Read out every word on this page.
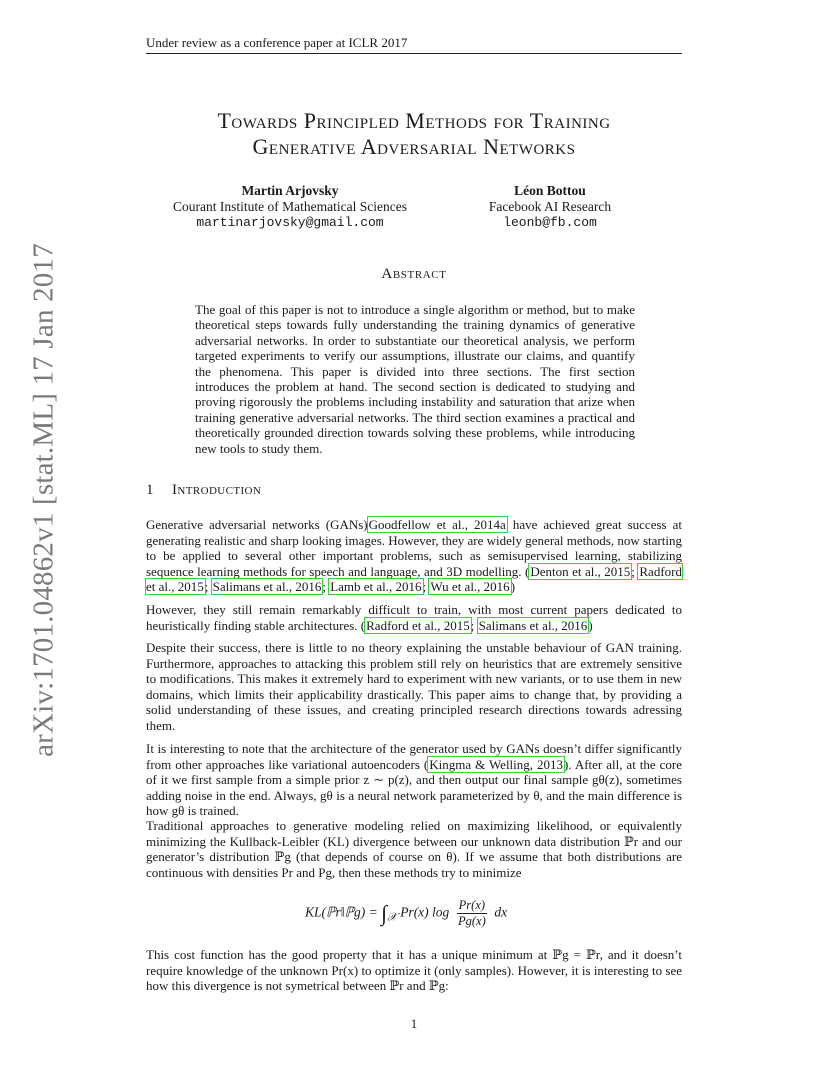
Under review as a conference paper at ICLR 2017
arXiv:1701.04862v1 [stat.ML] 17 Jan 2017
Towards Principled Methods for Training
Generative Adversarial Networks
Martin Arjovsky
Courant Institute of Mathematical Sciences
martinarjovsky@gmail.com
Léon Bottou
Facebook AI Research
leonb@fb.com
Abstract
The goal of this paper is not to introduce a single algorithm or method, but to make theoretical steps towards fully understanding the training dynamics of generative adversarial networks. In order to substantiate our theoretical analysis, we perform targeted experiments to verify our assumptions, illustrate our claims, and quantify the phenomena. This paper is divided into three sections. The first section introduces the problem at hand. The second section is dedicated to studying and proving rigorously the problems including instability and saturation that arize when training generative adversarial networks. The third section examines a practical and theoretically grounded direction towards solving these problems, while introducing new tools to study them.
1 Introduction
Generative adversarial networks (GANs)Goodfellow et al., 2014a have achieved great success at generating realistic and sharp looking images. However, they are widely general methods, now starting to be applied to several other important problems, such as semisupervised learning, stabilizing sequence learning methods for speech and language, and 3D modelling. (Denton et al., 2015; Radford et al., 2015; Salimans et al., 2016; Lamb et al., 2016; Wu et al., 2016)
However, they still remain remarkably difficult to train, with most current papers dedicated to heuristically finding stable architectures. (Radford et al., 2015; Salimans et al., 2016)
Despite their success, there is little to no theory explaining the unstable behaviour of GAN training. Furthermore, approaches to attacking this problem still rely on heuristics that are extremely sensitive to modifications. This makes it extremely hard to experiment with new variants, or to use them in new domains, which limits their applicability drastically. This paper aims to change that, by providing a solid understanding of these issues, and creating principled research directions towards adressing them.
It is interesting to note that the architecture of the generator used by GANs doesn’t differ significantly from other approaches like variational autoencoders (Kingma & Welling, 2013). After all, at the core of it we first sample from a simple prior z ∼ p(z), and then output our final sample gθ(z), sometimes adding noise in the end. Always, gθ is a neural network parameterized by θ, and the main difference is how gθ is trained.
Traditional approaches to generative modeling relied on maximizing likelihood, or equivalently minimizing the Kullback-Leibler (KL) divergence between our unknown data distribution ℙr and our generator’s distribution ℙg (that depends of course on θ). If we assume that both distributions are continuous with densities Pr and Pg, then these methods try to minimize
KL(ℙr‖ℙg) = $\int_𝒳$ Pr(x) $\log \frac{Pr(x)}{Pg(x)}$ dx
This cost function has the good property that it has a unique minimum at ℙg = ℙr, and it doesn’t require knowledge of the unknown Pr(x) to optimize it (only samples). However, it is interesting to see how this divergence is not symetrical between ℙr and ℙg:
1
